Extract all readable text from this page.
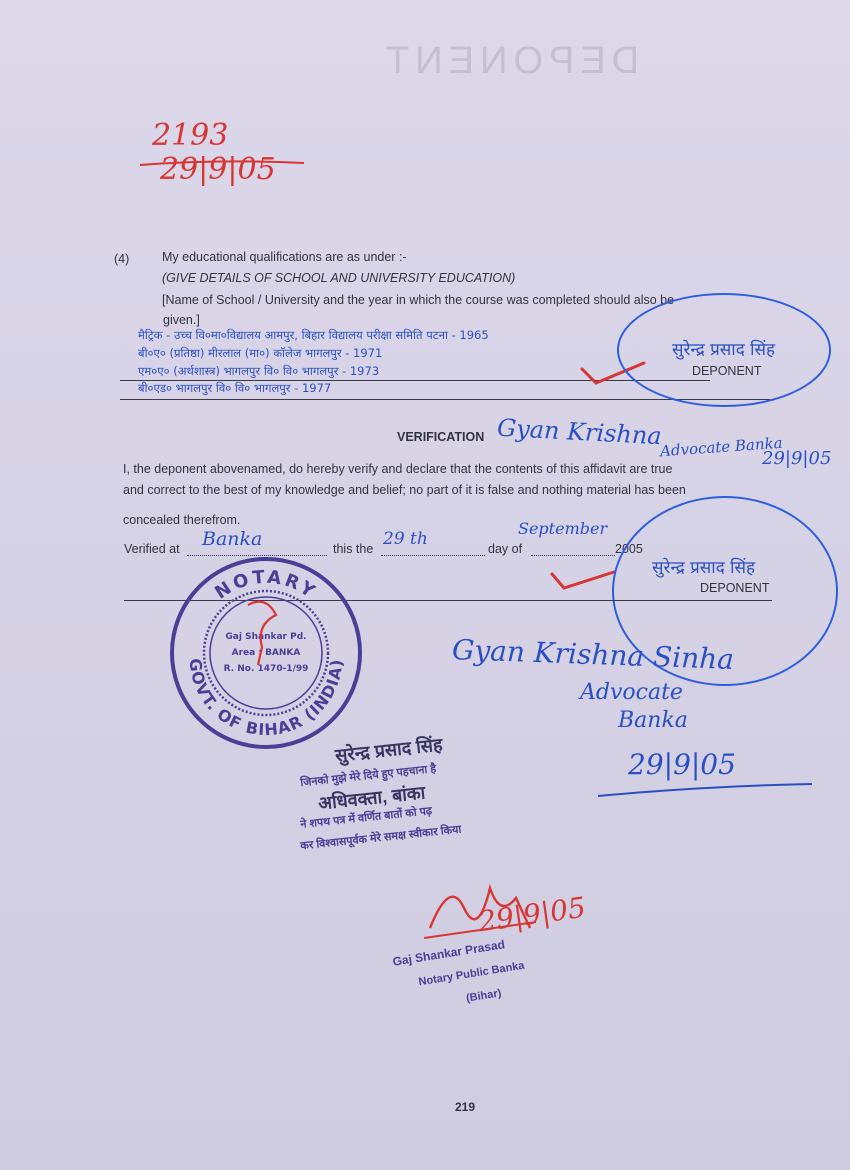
DEPONENT
2193
29|9|05
(4)	My educational qualifications are as under :-
(GIVE DETAILS OF SCHOOL AND UNIVERSITY EDUCATION)
[Name of School / University and the year in which the course was completed should also be
given.]
मैट्रिक - उच्च वि०मा०विद्यालय आमपुर, बिहार विद्यालय परीक्षा समिति पटना - 1965
बी०ए० (प्रतिष्ठा) मीरलाल (मा०) कॉलेज भागलपुर - 1971
एम०ए० (अर्थशास्त्र) भागलपुर वि० वि० भागलपुर - 1973
बी०एड० भागलपुर वि० वि० भागलपुर - 1977
सुरेन्द्र प्रसाद सिंह
DEPONENT
VERIFICATION Gyan Krishna
Advocate Banka
29|9|05
I, the deponent abovenamed, do hereby verify and declare that the contents of this affidavit are true
and correct to the best of my knowledge and belief; no part of it is false and nothing material has been
concealed therefrom.
Verified at Banka	this the 29 th	day of
September
2005
सुरेन्द्र प्रसाद सिंह
DEPONENT
NOTARY
GOVT. OF BIHAR (INDIA)
Gaj Shankar Pd.
Area : BANKA
R. No. 1470-1/99	Gyan Krishna Sinha
Advocate
Banka
29|9|05
सुरेन्द्र प्रसाद सिंह
जिनको मुझे मेरे दिये हुए पहचाना है
अधिवक्ता, बांका
ने शपथ पत्र में वर्णित बातों को पढ़
कर विश्वासपूर्वक मेरे समक्ष स्वीकार किया
29|9|05
Gaj Shankar Prasad
Notary Public Banka
(Bihar)
219
